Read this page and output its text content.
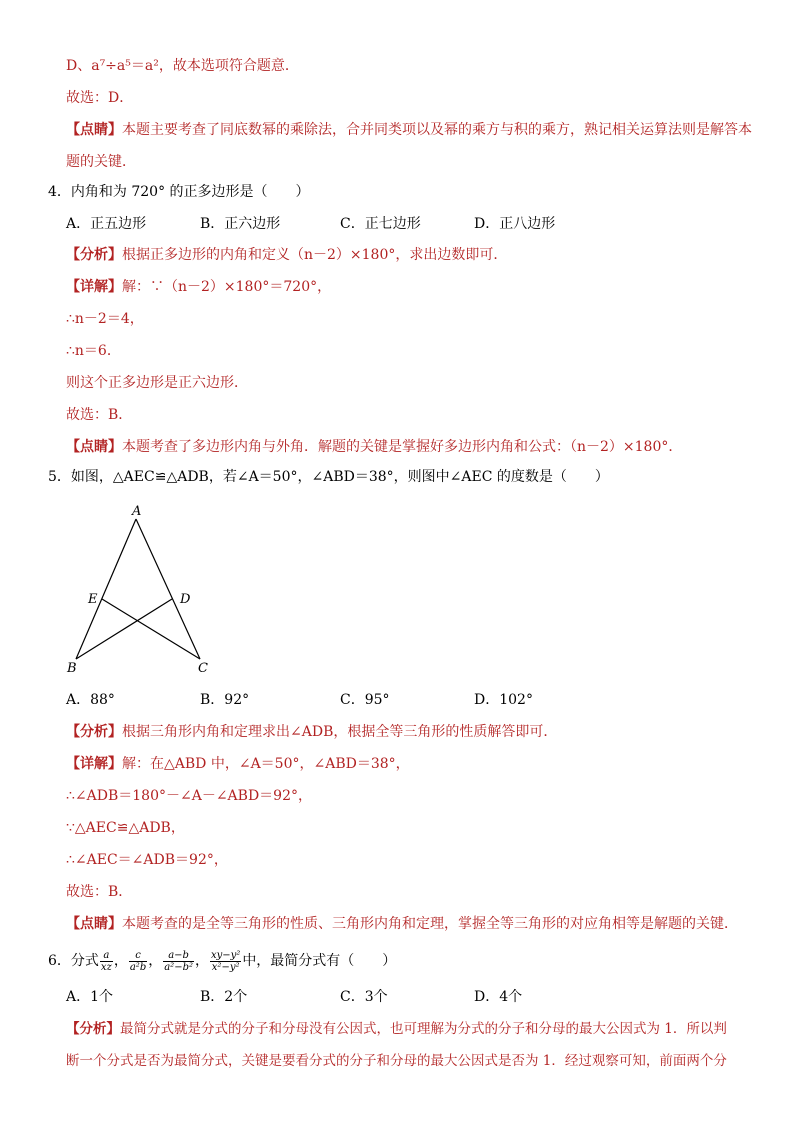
D、a⁷÷a⁵＝a²，故本选项符合题意．
故选：D．
【点睛】本题主要考查了同底数幂的乘除法，合并同类项以及幂的乘方与积的乘方，熟记相关运算法则是解答本
题的关键．
4．内角和为 720° 的正多边形是（　　）
A．正五边形	B．正六边形	C．正七边形	D．正八边形
【分析】根据正多边形的内角和定义（n－2）×180°，求出边数即可．
【详解】解：∵（n－2）×180°＝720°，
∴n－2＝4，
∴n＝6．
则这个正多边形是正六边形．
故选：B．
【点睛】本题考查了多边形内角与外角．解题的关键是掌握好多边形内角和公式：（n－2）×180°．
5．如图，△AEC≌△ADB，若∠A＝50°，∠ABD＝38°，则图中∠AEC 的度数是（　　）
A
B	C
D
E
A．88°	B．92°	C．95°	D．102°
【分析】根据三角形内角和定理求出∠ADB，根据全等三角形的性质解答即可．
【详解】解：在△ABD 中，∠A＝50°，∠ABD＝38°，
∴∠ADB＝180°－∠A－∠ABD＝92°，
∵△AEC≌△ADB，
∴∠AEC＝∠ADB＝92°，
故选：B．
【点睛】本题考查的是全等三角形的性质、三角形内角和定理，掌握全等三角形的对应角相等是解题的关键．
6．分式 $\frac{a}{xz}$ ， $\frac{c}{\text{a²b}}$ ， $\frac{a-b}{\text{a²−b²}}$ ， $\frac{\text{xy−y²}}{\text{x²−y²}}$ 中，最简分式有（　　）
A．1个	B．2个	C．3个	D．4个
【分析】最简分式就是分式的分子和分母没有公因式，也可理解为分式的分子和分母的最大公因式为 1．所以判
断一个分式是否为最简分式，关键是要看分式的分子和分母的最大公因式是否为 1．经过观察可知，前面两个分
